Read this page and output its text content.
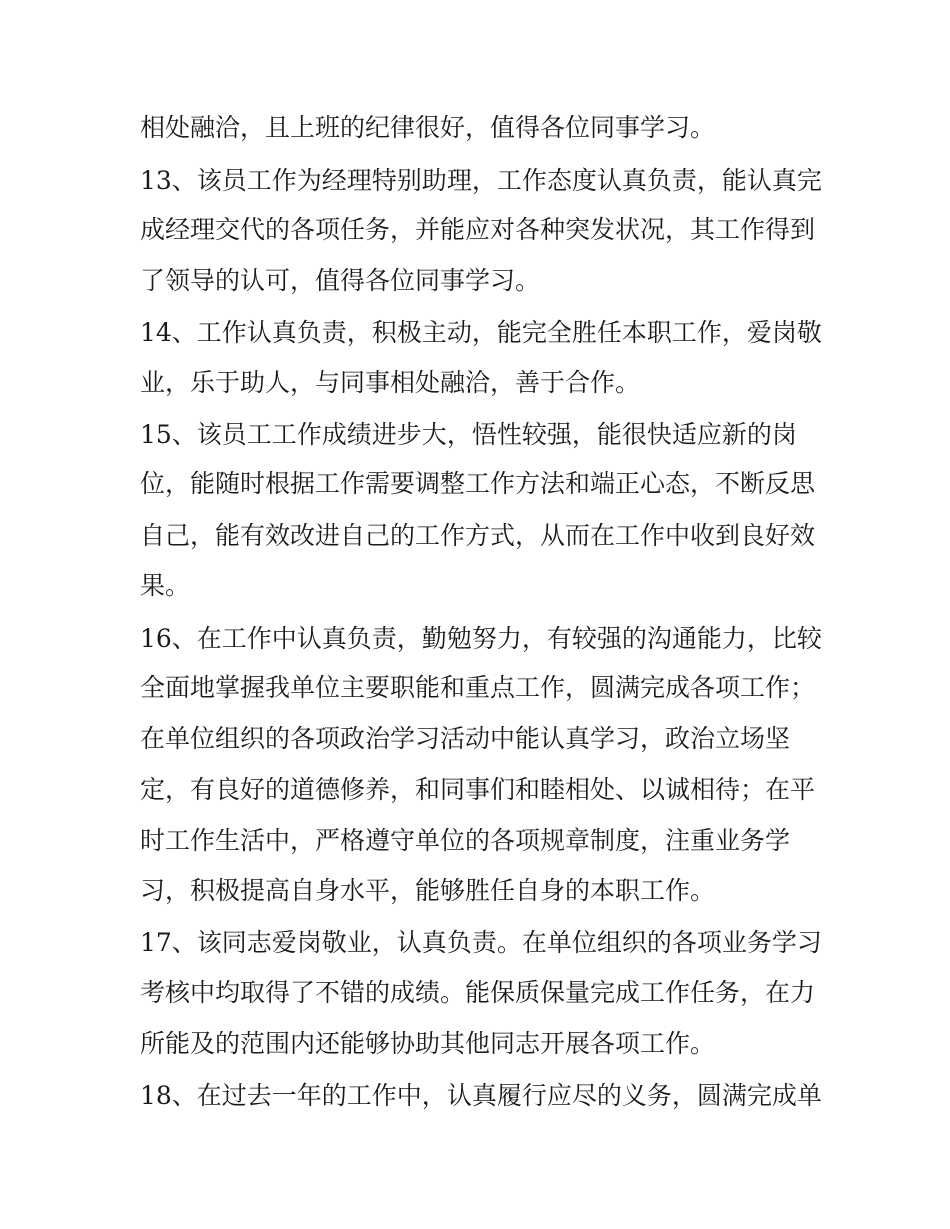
相处融洽，且上班的纪律很好，值得各位同事学习。
13、该员工作为经理特别助理，工作态度认真负责，能认真完
成经理交代的各项任务，并能应对各种突发状况，其工作得到
了领导的认可，值得各位同事学习。
14、工作认真负责，积极主动，能完全胜任本职工作，爱岗敬
业，乐于助人，与同事相处融洽，善于合作。
15、该员工工作成绩进步大，悟性较强，能很快适应新的岗
位，能随时根据工作需要调整工作方法和端正心态，不断反思
自己，能有效改进自己的工作方式，从而在工作中收到良好效
果。
16、在工作中认真负责，勤勉努力，有较强的沟通能力，比较
全面地掌握我单位主要职能和重点工作，圆满完成各项工作；
在单位组织的各项政治学习活动中能认真学习，政治立场坚
定，有良好的道德修养，和同事们和睦相处、以诚相待；在平
时工作生活中，严格遵守单位的各项规章制度，注重业务学
习，积极提高自身水平，能够胜任自身的本职工作。
17、该同志爱岗敬业，认真负责。在单位组织的各项业务学习
考核中均取得了不错的成绩。能保质保量完成工作任务，在力
所能及的范围内还能够协助其他同志开展各项工作。
18、在过去一年的工作中，认真履行应尽的义务，圆满完成单
